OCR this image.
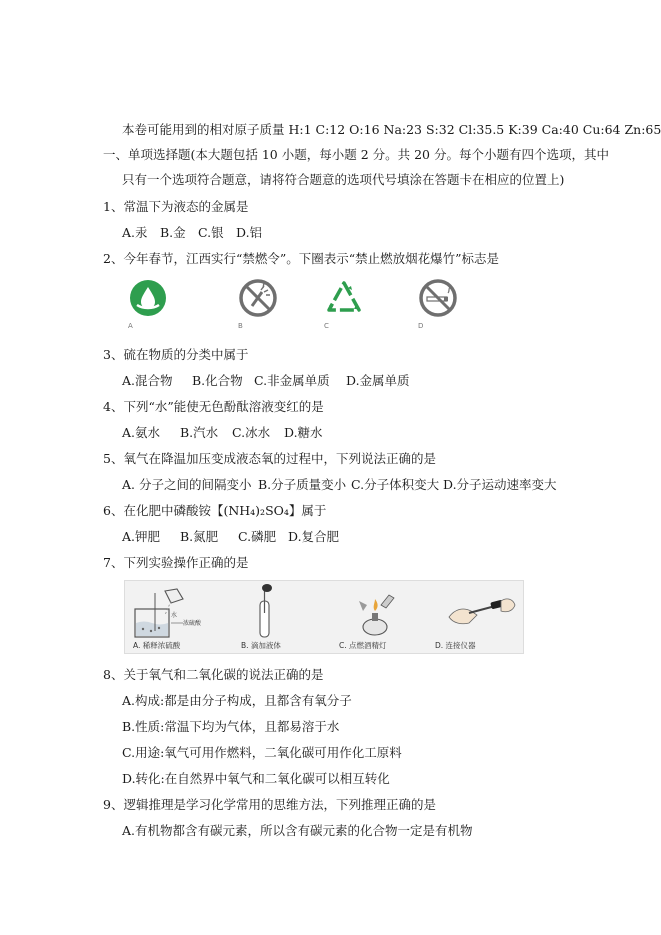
本卷可能用到的相对原子质量 H:1 C:12 O:16 Na:23 S:32 Cl:35.5 K:39 Ca:40 Cu:64 Zn:65
一、单项选择题(本大题包括 10 小题，每小题 2 分。共 20 分。每个小题有四个选项，其中
只有一个选项符合题意，请将符合题意的选项代号填涂在答题卡在相应的位置上)
1、常温下为液态的金属是
A.汞 B.金 C.银 D.铝
2、今年春节，江西实行“禁燃令”。下圈表示“禁止燃放烟花爆竹”标志是
A	B	C	D
3、硫在物质的分类中属于
A.混合物 B.化合物 C.非金属单质 D.金属单质
4、下列“水”能使无色酚酞溶液变红的是
A.氨水 B.汽水 C.冰水 D.糖水
5、氧气在降温加压变成液态氧的过程中，下列说法正确的是
A. 分子之间的间隔变小 B.分子质量变小 C.分子体积变大 D.分子运动速率变大
6、在化肥中磷酸铵【(NH₄)₂SO₄】属于
A.钾肥 B.氮肥 C.磷肥 D.复合肥
7、下列实验操作正确的是
水
浓硫酸
A. 稀释浓硫酸	B. 滴加液体	C. 点燃酒精灯	D. 连接仪器
8、关于氧气和二氧化碳的说法正确的是
A.构成:都是由分子构成，且都含有氧分子
B.性质:常温下均为气体，且都易溶于水
C.用途:氧气可用作燃料，二氧化碳可用作化工原料
D.转化:在自然界中氧气和二氧化碳可以相互转化
9、逻辑推理是学习化学常用的思维方法，下列推理正确的是
A.有机物都含有碳元素，所以含有碳元素的化合物一定是有机物
